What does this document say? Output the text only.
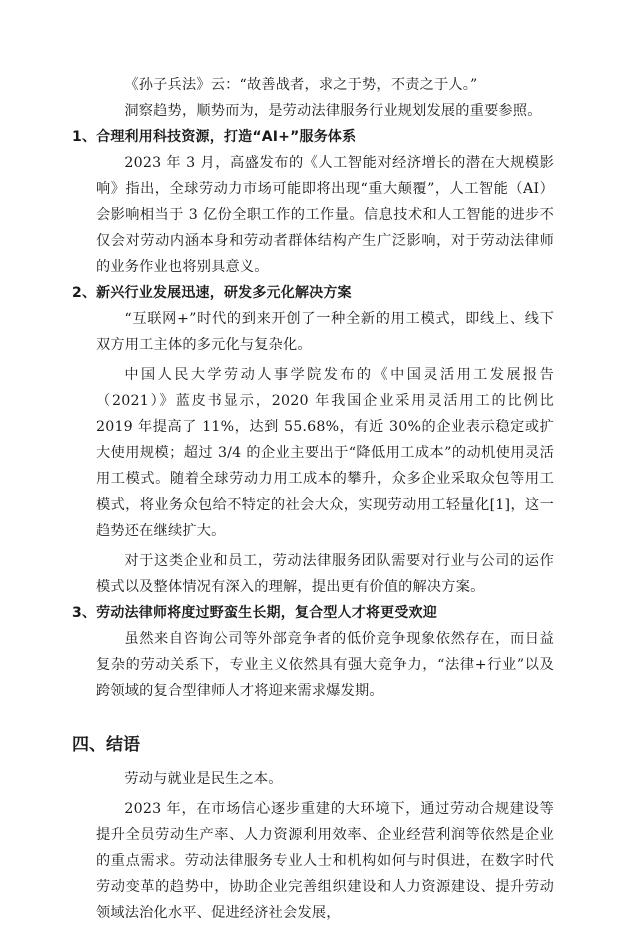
《孙子兵法》云：“故善战者，求之于势，不责之于人。”

洞察趋势，顺势而为，是劳动法律服务行业规划发展的重要参照。

1、合理利用科技资源，打造“AI+”服务体系

2023 年 3 月，高盛发布的《人工智能对经济增长的潜在大规模影响》指出，全球劳动力市场可能即将出现“重大颠覆”，人工智能（AI）会影响相当于 3 亿份全职工作的工作量。信息技术和人工智能的进步不仅会对劳动内涵本身和劳动者群体结构产生广泛影响，对于劳动法律师的业务作业也将别具意义。

2、新兴行业发展迅速，研发多元化解决方案

“互联网+”时代的到来开创了一种全新的用工模式，即线上、线下双方用工主体的多元化与复杂化。

中国人民大学劳动人事学院发布的《中国灵活用工发展报告（2021）》蓝皮书显示，2020 年我国企业采用灵活用工的比例比 2019 年提高了 11%，达到 55.68%，有近 30%的企业表示稳定或扩大使用规模；超过 3/4 的企业主要出于“降低用工成本”的动机使用灵活用工模式。随着全球劳动力用工成本的攀升，众多企业采取众包等用工模式，将业务众包给不特定的社会大众，实现劳动用工轻量化[1]，这一趋势还在继续扩大。

对于这类企业和员工，劳动法律服务团队需要对行业与公司的运作模式以及整体情况有深入的理解，提出更有价值的解决方案。

3、劳动法律师将度过野蛮生长期，复合型人才将更受欢迎

虽然来自咨询公司等外部竞争者的低价竞争现象依然存在，而日益复杂的劳动关系下，专业主义依然具有强大竞争力，“法律+行业”以及跨领域的复合型律师人才将迎来需求爆发期。

四、结语

劳动与就业是民生之本。

2023 年，在市场信心逐步重建的大环境下，通过劳动合规建设等提升全员劳动生产率、人力资源利用效率、企业经营利润等依然是企业的重点需求。劳动法律服务专业人士和机构如何与时俱进，在数字时代劳动变革的趋势中，协助企业完善组织建设和人力资源建设、提升劳动领域法治化水平、促进经济社会发展，
